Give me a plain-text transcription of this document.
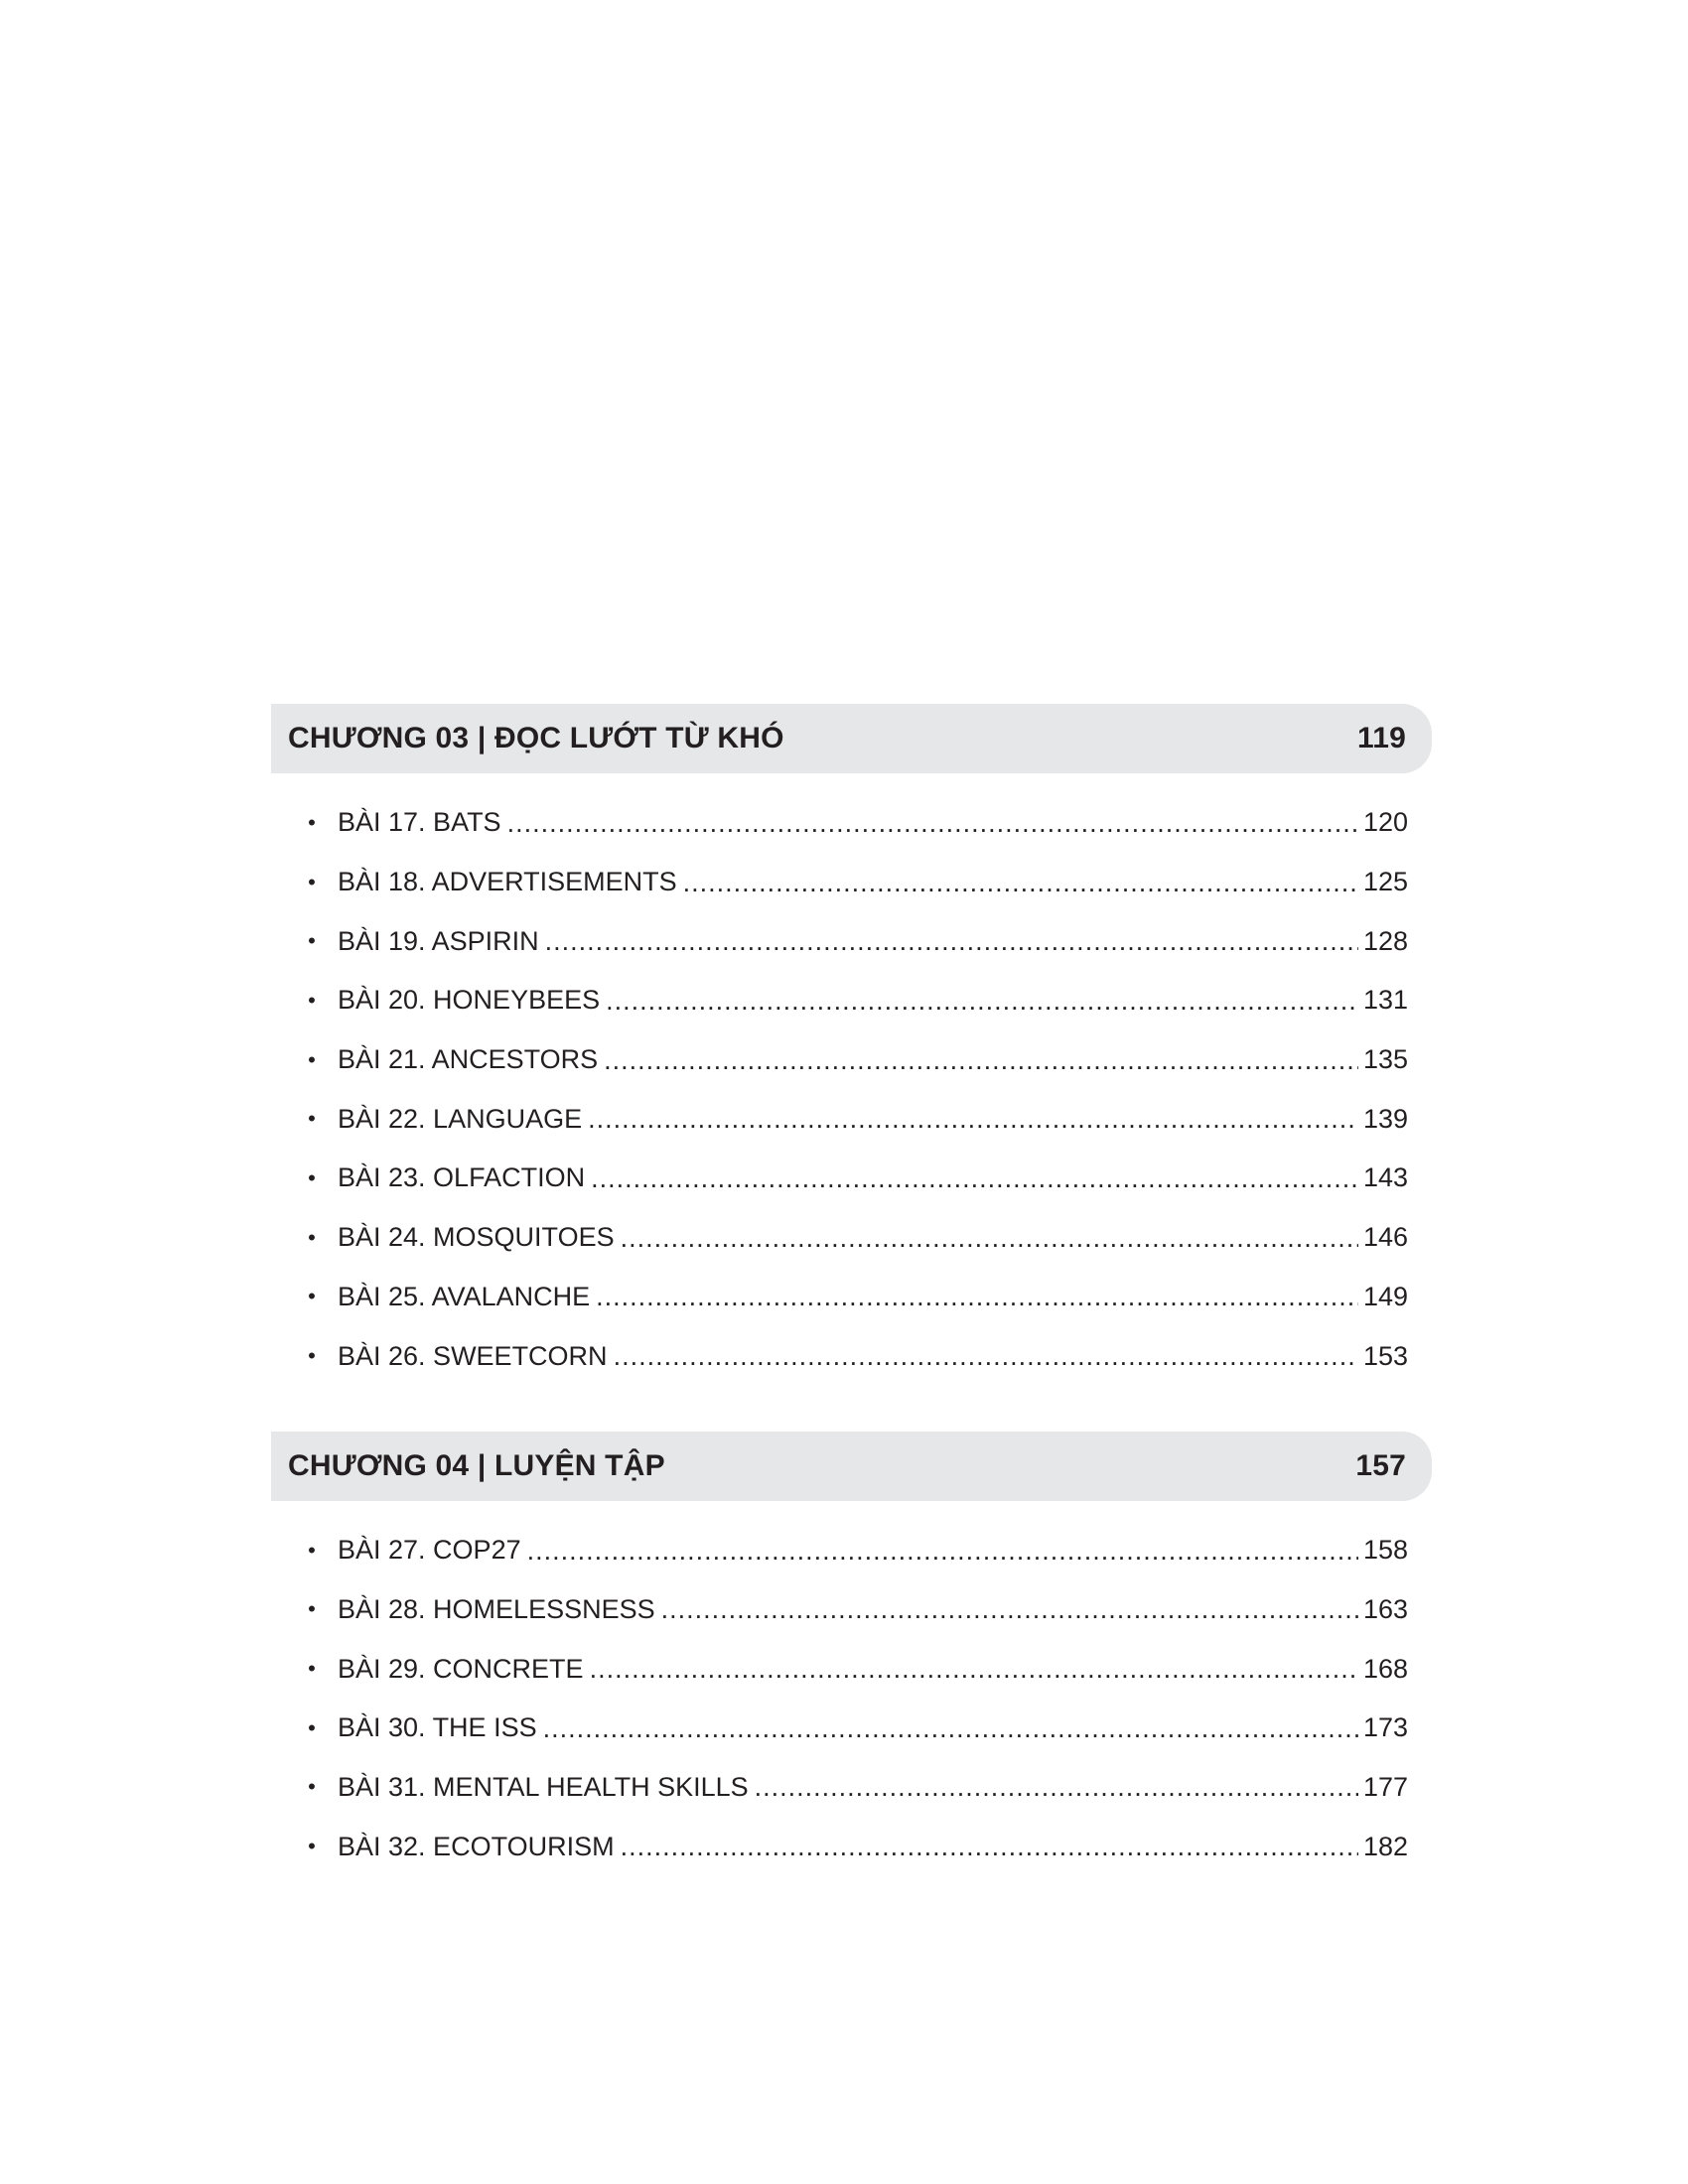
CHƯƠNG 03 | ĐỌC LƯỚT TỪ KHÓ	119
• BÀI 17. BATS .....	120
• BÀI 18. ADVERTISEMENTS .....	125
• BÀI 19. ASPIRIN .....	128
• BÀI 20. HONEYBEES .....	131
• BÀI 21. ANCESTORS .....	135
• BÀI 22. LANGUAGE .....	139
• BÀI 23. OLFACTION .....	143
• BÀI 24. MOSQUITOES .....	146
• BÀI 25. AVALANCHE .....	149
• BÀI 26. SWEETCORN .....	153
CHƯƠNG 04 | LUYỆN TẬP	157
• BÀI 27. COP27 .....	158
• BÀI 28. HOMELESSNESS .....	163
• BÀI 29. CONCRETE .....	168
• BÀI 30. THE ISS .....	173
• BÀI 31. MENTAL HEALTH SKILLS .....	177
• BÀI 32. ECOTOURISM .....	182
